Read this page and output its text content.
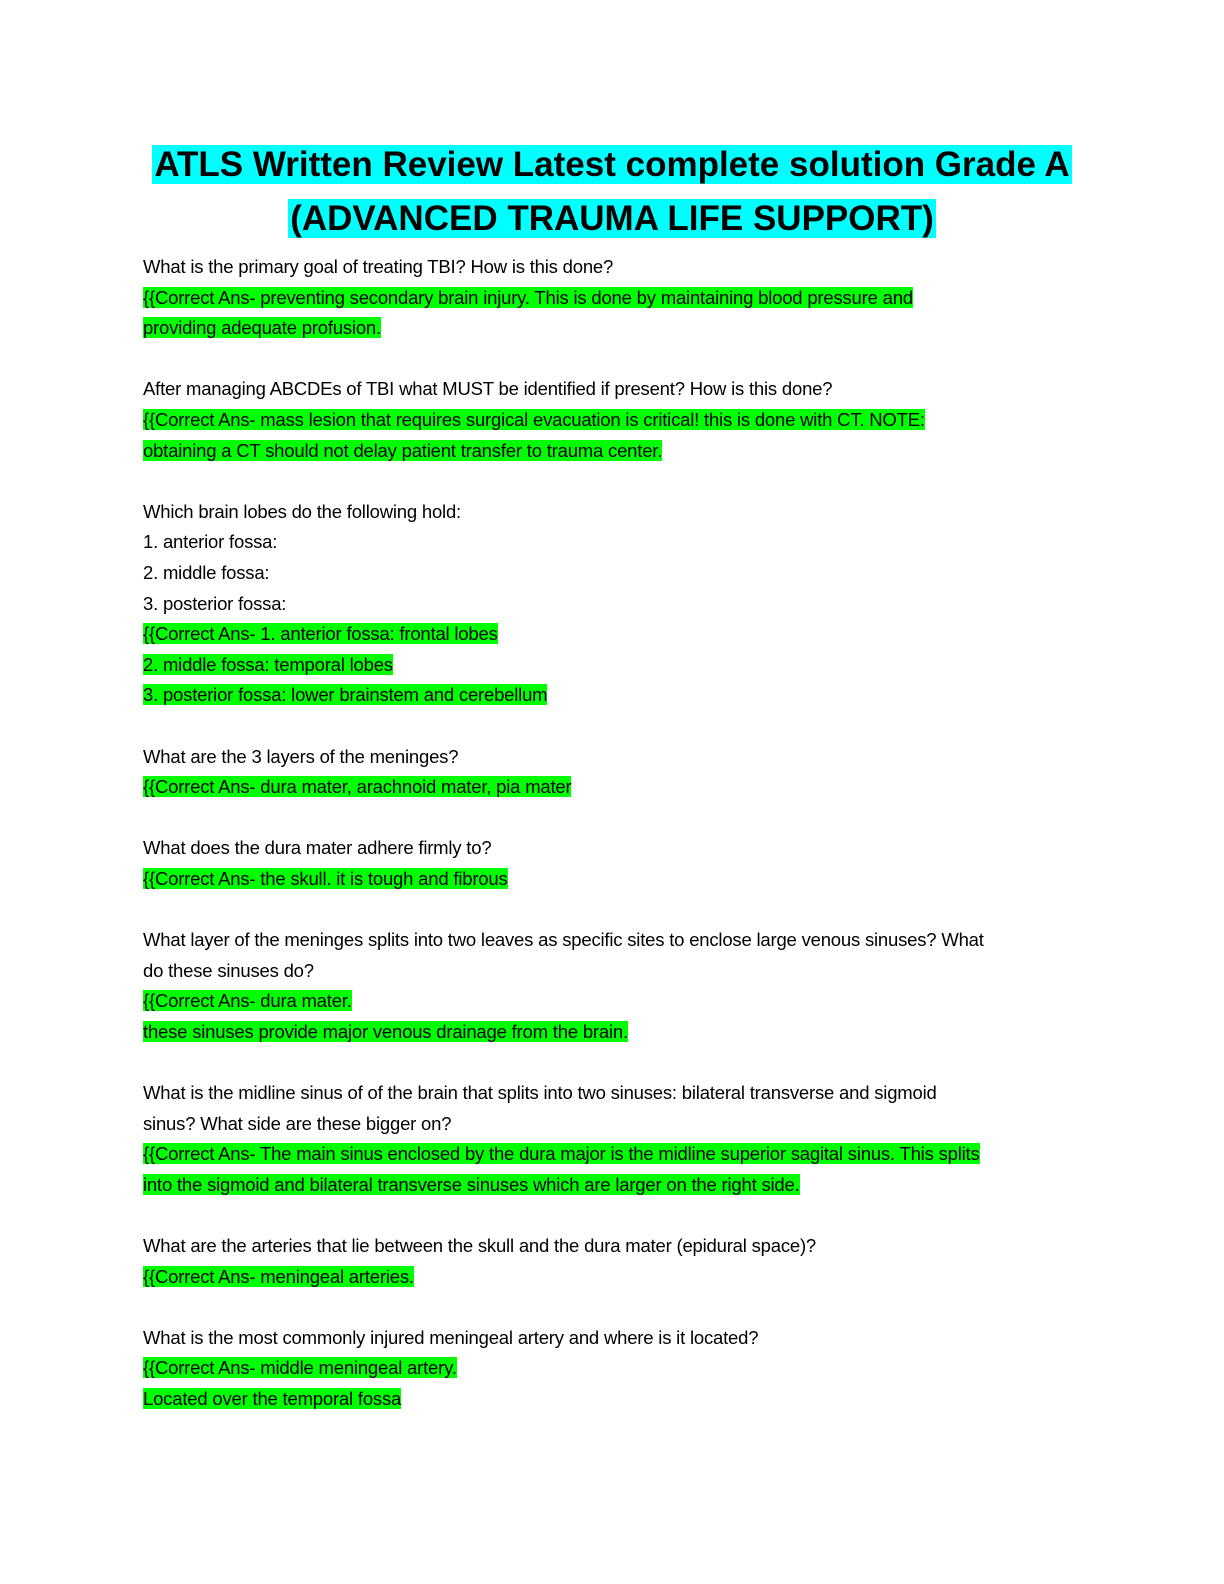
ATLS Written Review Latest complete solution Grade A
(ADVANCED TRAUMA LIFE SUPPORT)
What is the primary goal of treating TBI? How is this done?
{{Correct Ans- preventing secondary brain injury. This is done by maintaining blood pressure and
providing adequate profusion.
After managing ABCDEs of TBI what MUST be identified if present? How is this done?
{{Correct Ans- mass lesion that requires surgical evacuation is critical! this is done with CT. NOTE:
obtaining a CT should not delay patient transfer to trauma center.
Which brain lobes do the following hold:
1. anterior fossa:
2. middle fossa:
3. posterior fossa:
{{Correct Ans- 1. anterior fossa: frontal lobes
2. middle fossa: temporal lobes
3. posterior fossa: lower brainstem and cerebellum
What are the 3 layers of the meninges?
{{Correct Ans- dura mater, arachnoid mater, pia mater
What does the dura mater adhere firmly to?
{{Correct Ans- the skull. it is tough and fibrous
What layer of the meninges splits into two leaves as specific sites to enclose large venous sinuses? What
do these sinuses do?
{{Correct Ans- dura mater.
these sinuses provide major venous drainage from the brain.
What is the midline sinus of of the brain that splits into two sinuses: bilateral transverse and sigmoid
sinus? What side are these bigger on?
{{Correct Ans- The main sinus enclosed by the dura major is the midline superior sagital sinus. This splits
into the sigmoid and bilateral transverse sinuses which are larger on the right side.
What are the arteries that lie between the skull and the dura mater (epidural space)?
{{Correct Ans- meningeal arteries.
What is the most commonly injured meningeal artery and where is it located?
{{Correct Ans- middle meningeal artery.
Located over the temporal fossa
